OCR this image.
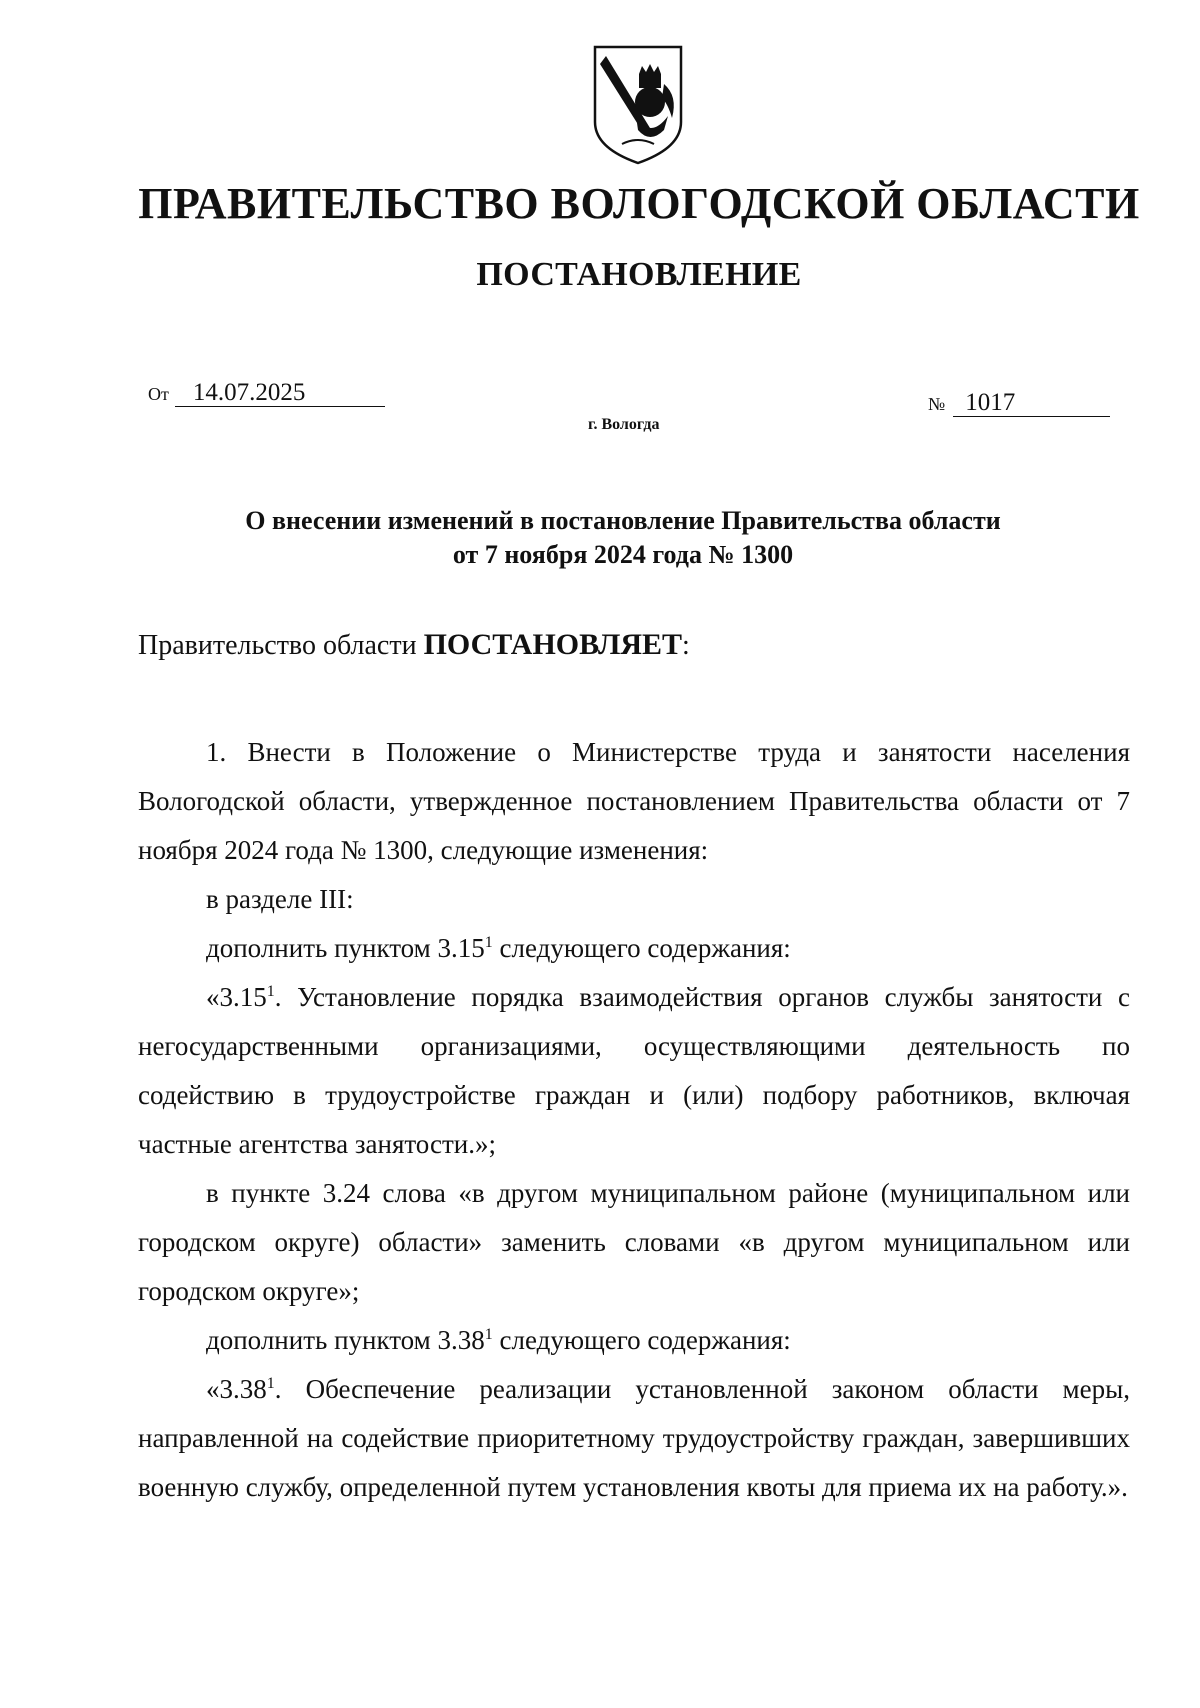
ПРАВИТЕЛЬСТВО ВОЛОГОДСКОЙ ОБЛАСТИ
ПОСТАНОВЛЕНИЕ
От 14.07.2025
г. Вологда
№ 1017
О внесении изменений в постановление Правительства области
от 7 ноября 2024 года № 1300
Правительство области ПОСТАНОВЛЯЕТ:

1. Внести в Положение о Министерстве труда и занятости населения Вологодской области, утвержденное постановлением Правительства области от 7 ноября 2024 года № 1300, следующие изменения:

в разделе III:

дополнить пунктом 3.15$^1$ следующего содержания:

«3.15$^1$. Установление порядка взаимодействия органов службы занятости с негосударственными организациями, осуществляющими деятельность по содействию в трудоустройстве граждан и (или) подбору работников, включая частные агентства занятости.»;

в пункте 3.24 слова «в другом муниципальном районе (муниципальном или городском округе) области» заменить словами «в другом муниципальном или городском округе»;

дополнить пунктом 3.38$^1$ следующего содержания:

«3.38$^1$. Обеспечение реализации установленной законом области меры, направленной на содействие приоритетному трудоустройству граждан, завершивших военную службу, определенной путем установления квоты для приема их на работу.».
